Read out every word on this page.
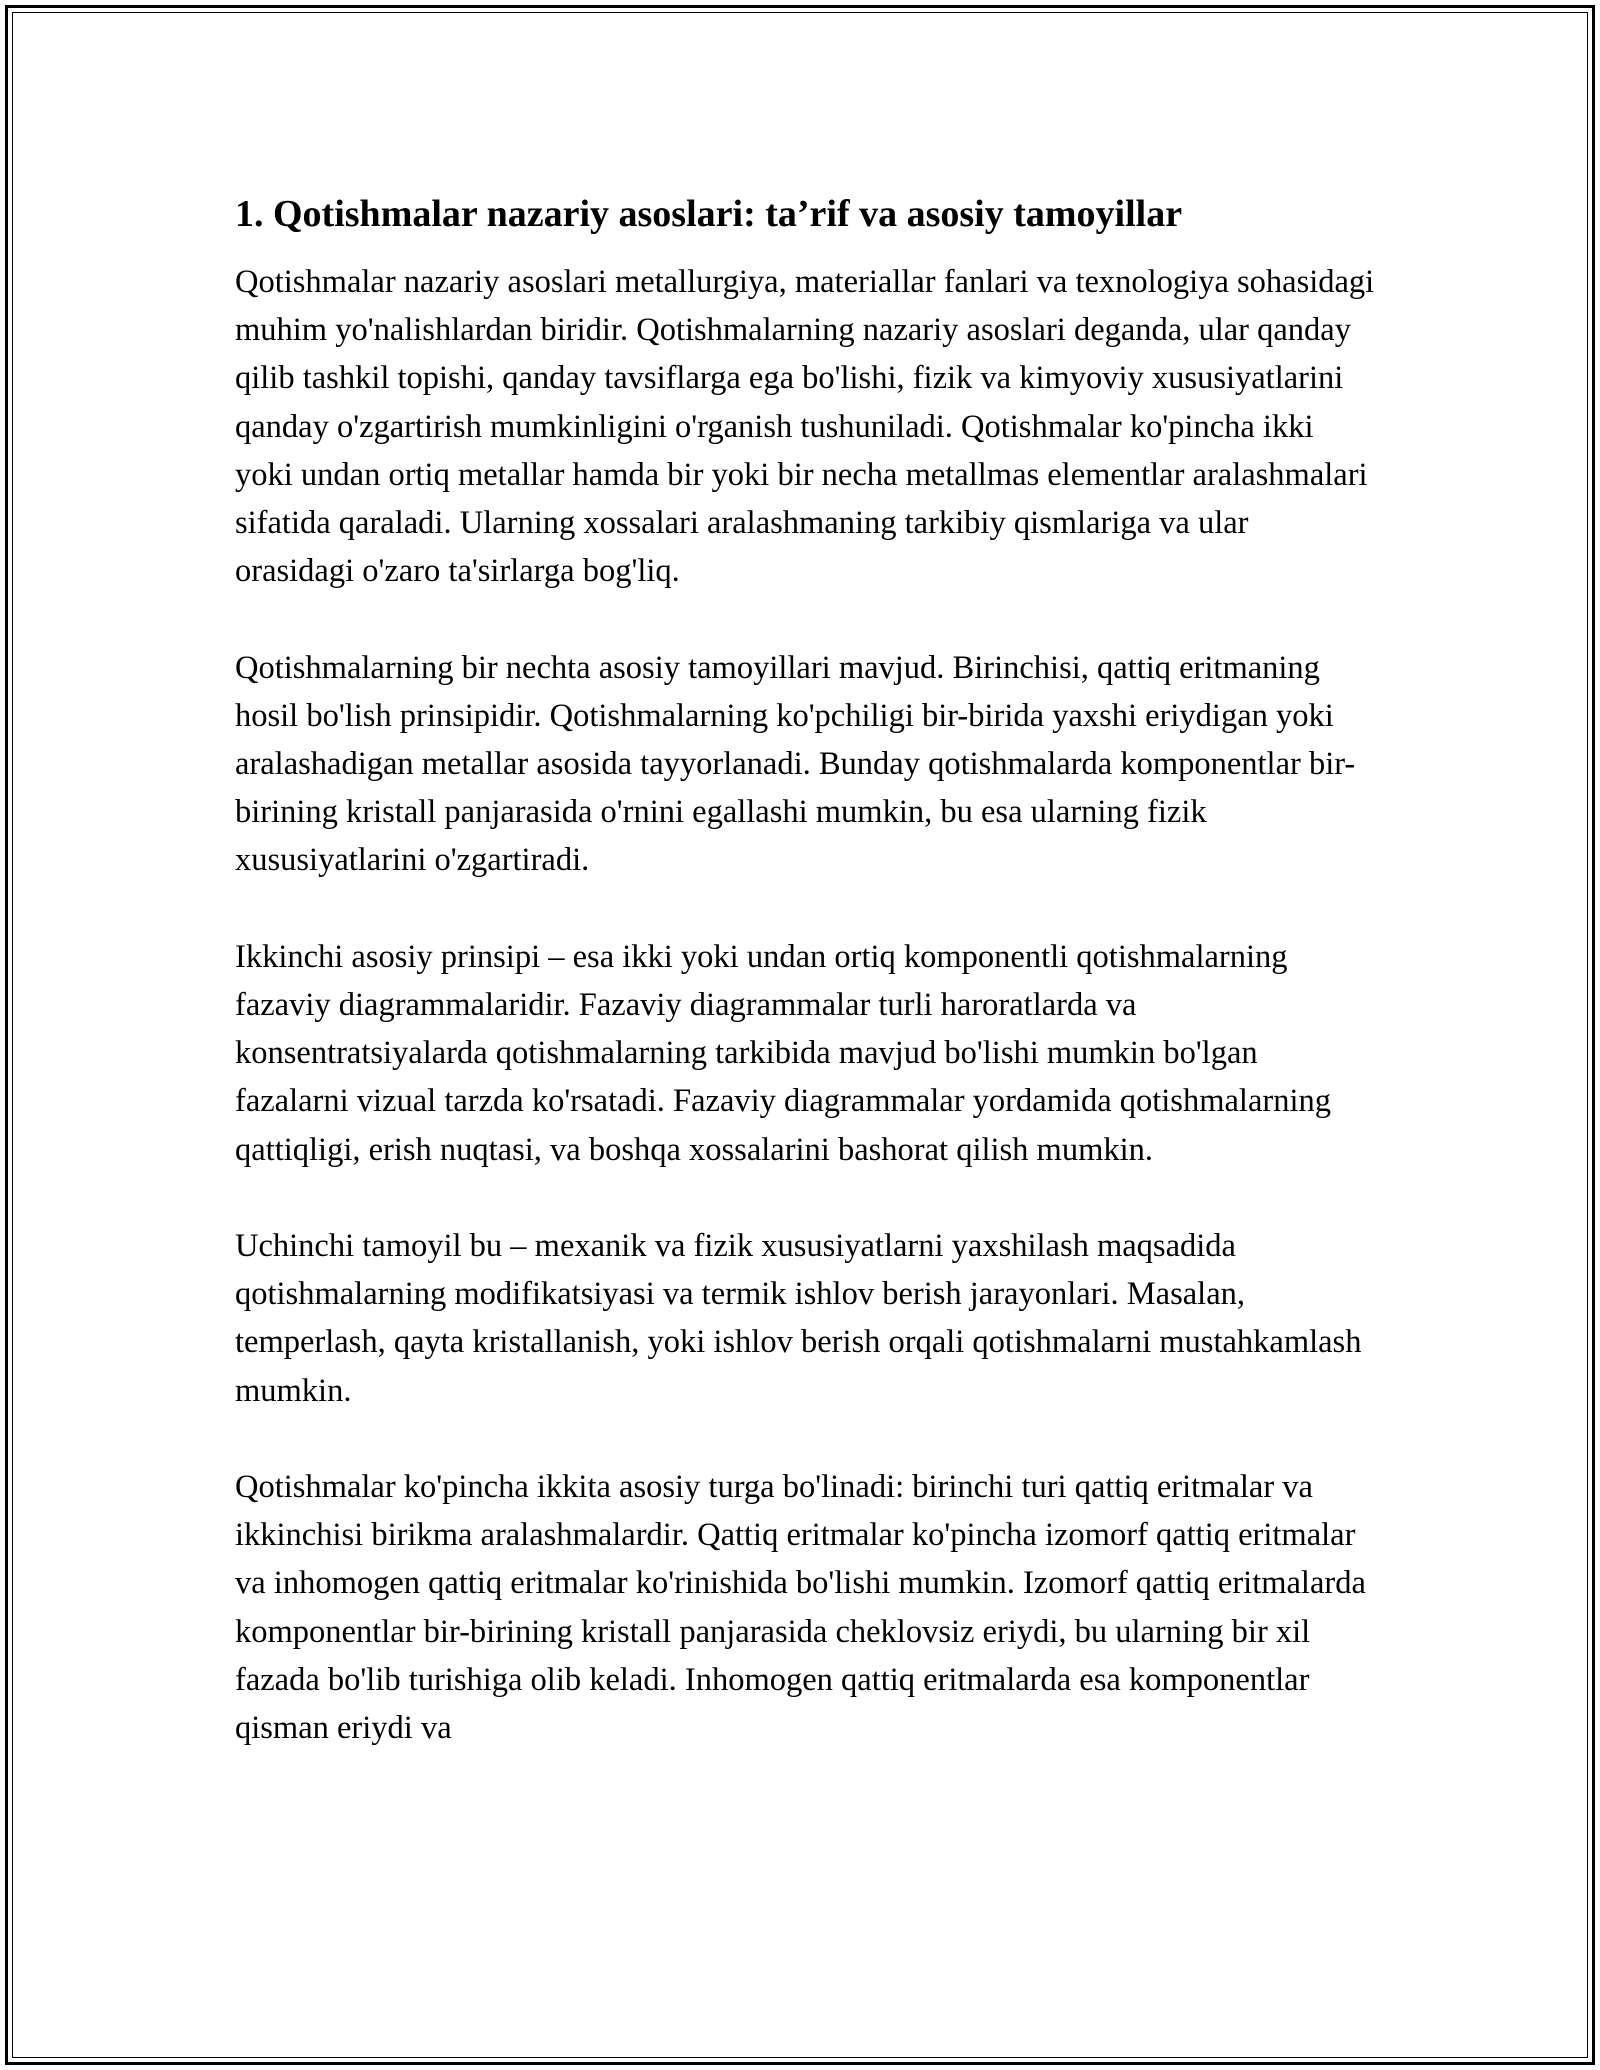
1. Qotishmalar nazariy asoslari: ta’rif va asosiy tamoyillar

Qotishmalar nazariy asoslari metallurgiya, materiallar fanlari va texnologiya sohasidagi muhim yo'nalishlardan biridir. Qotishmalarning nazariy asoslari deganda, ular qanday qilib tashkil topishi, qanday tavsiflarga ega bo'lishi, fizik va kimyoviy xususiyatlarini qanday o'zgartirish mumkinligini o'rganish tushuniladi. Qotishmalar ko'pincha ikki yoki undan ortiq metallar hamda bir yoki bir necha metallmas elementlar aralashmalari sifatida qaraladi. Ularning xossalari aralashmaning tarkibiy qismlariga va ular orasidagi o'zaro ta'sirlarga bog'liq.

Qotishmalarning bir nechta asosiy tamoyillari mavjud. Birinchisi, qattiq eritmaning hosil bo'lish prinsipidir. Qotishmalarning ko'pchiligi bir-birida yaxshi eriydigan yoki aralashadigan metallar asosida tayyorlanadi. Bunday qotishmalarda komponentlar bir-birining kristall panjarasida o'rnini egallashi mumkin, bu esa ularning fizik xususiyatlarini o'zgartiradi.

Ikkinchi asosiy prinsipi – esa ikki yoki undan ortiq komponentli qotishmalarning fazaviy diagrammalaridir. Fazaviy diagrammalar turli haroratlarda va konsentratsiyalarda qotishmalarning tarkibida mavjud bo'lishi mumkin bo'lgan fazalarni vizual tarzda ko'rsatadi. Fazaviy diagrammalar yordamida qotishmalarning qattiqligi, erish nuqtasi, va boshqa xossalarini bashorat qilish mumkin.

Uchinchi tamoyil bu – mexanik va fizik xususiyatlarni yaxshilash maqsadida qotishmalarning modifikatsiyasi va termik ishlov berish jarayonlari. Masalan, temperlash, qayta kristallanish, yoki ishlov berish orqali qotishmalarni mustahkamlash mumkin.

Qotishmalar ko'pincha ikkita asosiy turga bo'linadi: birinchi turi qattiq eritmalar va ikkinchisi birikma aralashmalardir. Qattiq eritmalar ko'pincha izomorf qattiq eritmalar va inhomogen qattiq eritmalar ko'rinishida bo'lishi mumkin. Izomorf qattiq eritmalarda komponentlar bir-birining kristall panjarasida cheklovsiz eriydi, bu ularning bir xil fazada bo'lib turishiga olib keladi. Inhomogen qattiq eritmalarda esa komponentlar qisman eriydi va
